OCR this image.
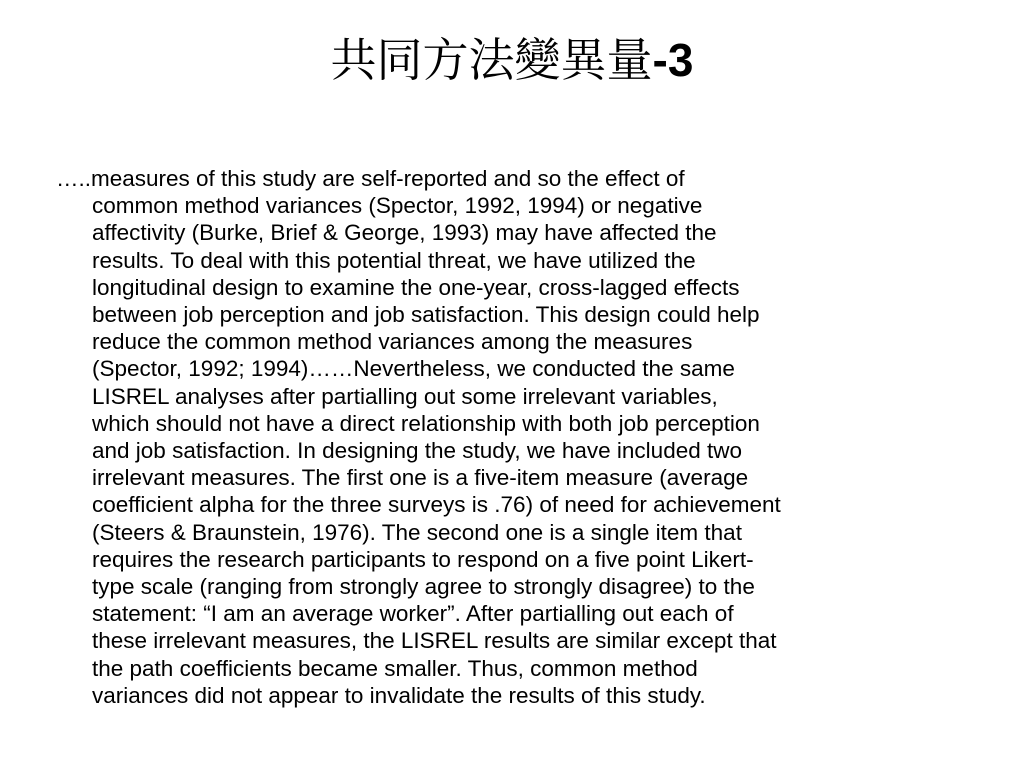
共同方法變異量-3

…..measures of this study are self-reported and so the effect of
common method variances (Spector, 1992, 1994) or negative
affectivity (Burke, Brief & George, 1993) may have affected the
results. To deal with this potential threat, we have utilized the
longitudinal design to examine the one-year, cross-lagged effects
between job perception and job satisfaction. This design could help
reduce the common method variances among the measures
(Spector, 1992; 1994)……Nevertheless, we conducted the same
LISREL analyses after partialling out some irrelevant variables,
which should not have a direct relationship with both job perception
and job satisfaction. In designing the study, we have included two
irrelevant measures. The first one is a five-item measure (average
coefficient alpha for the three surveys is .76) of need for achievement
(Steers & Braunstein, 1976). The second one is a single item that
requires the research participants to respond on a five point Likert-
type scale (ranging from strongly agree to strongly disagree) to the
statement: “I am an average worker”. After partialling out each of
these irrelevant measures, the LISREL results are similar except that
the path coefficients became smaller. Thus, common method
variances did not appear to invalidate the results of this study.
